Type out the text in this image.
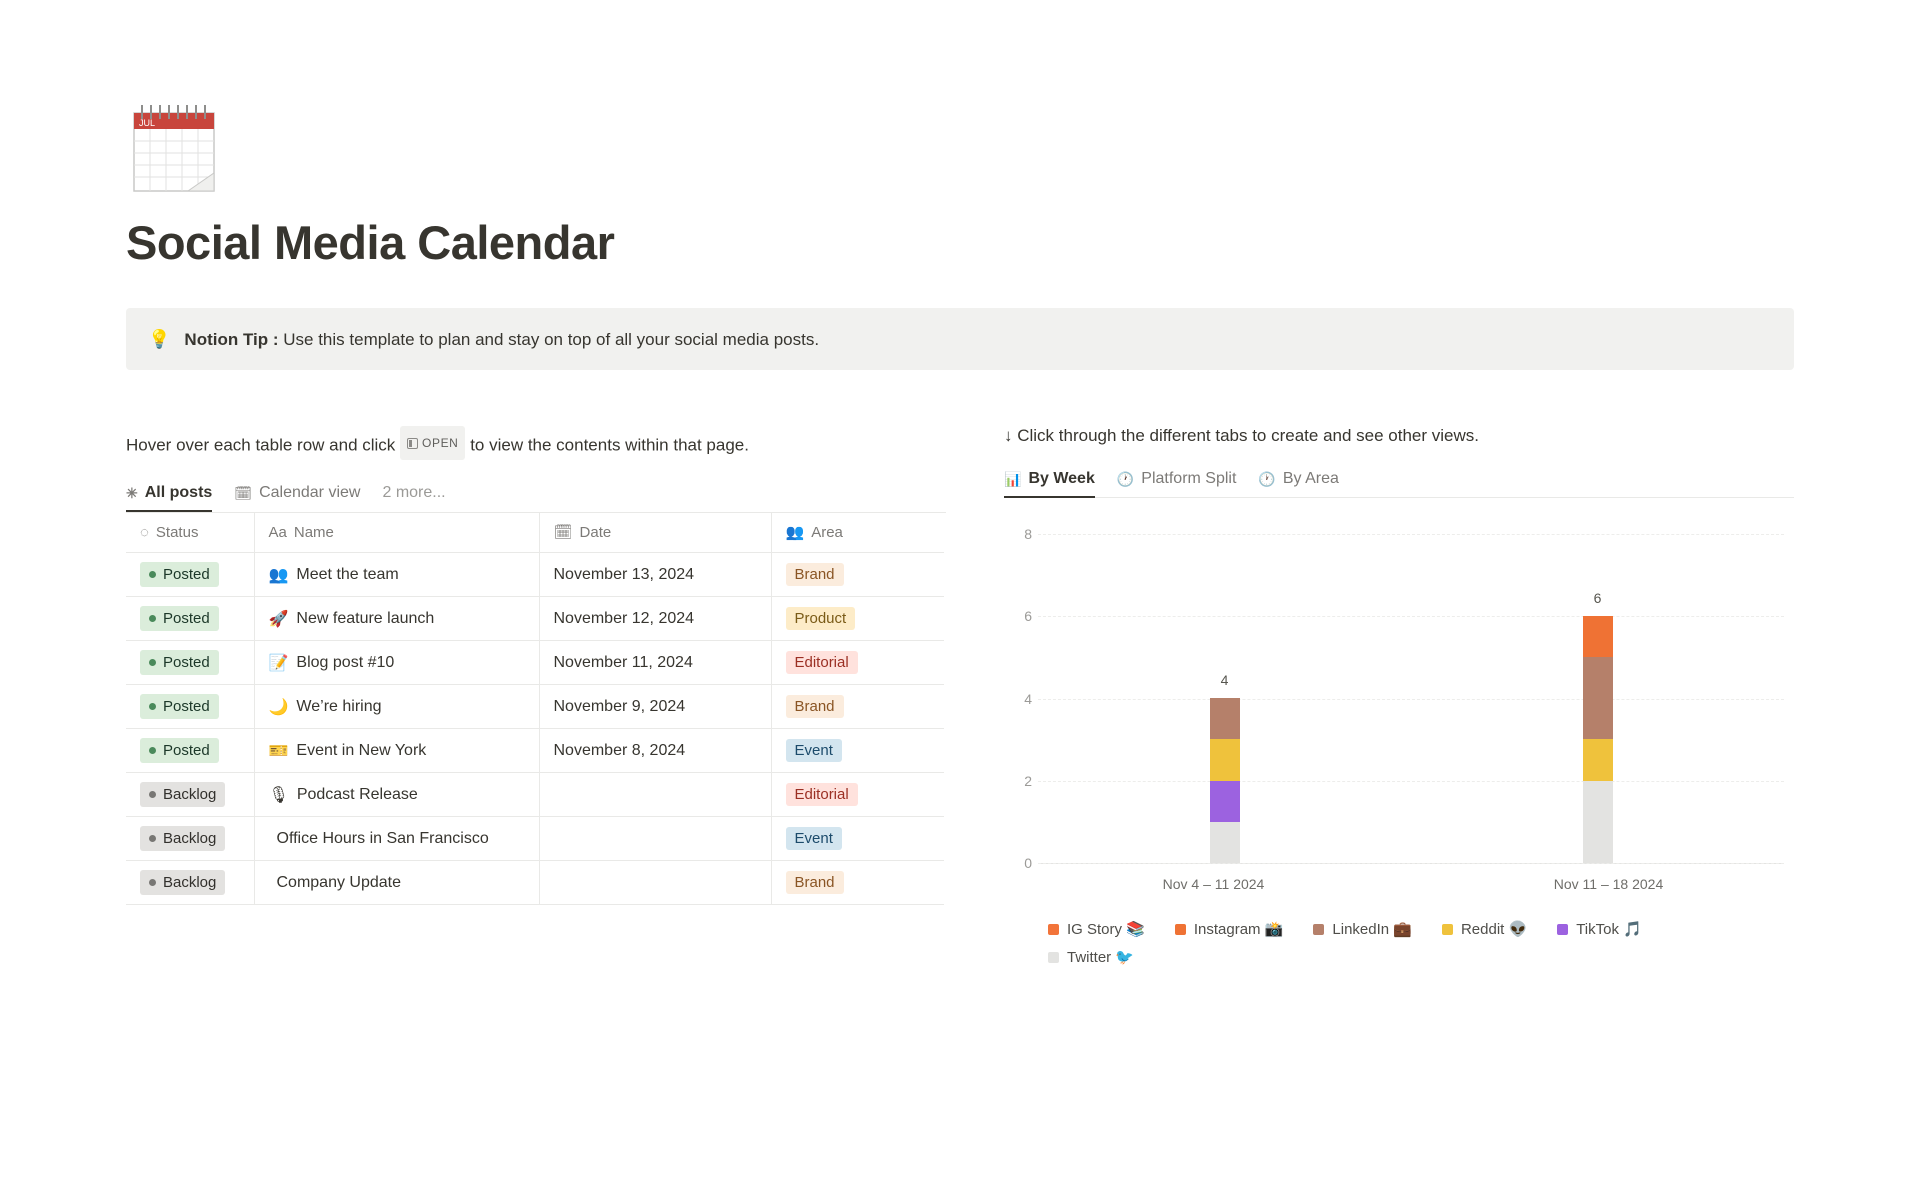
JUL
Social Media Calendar
💡 Notion Tip : Use this template to plan and stay on top of all your social media posts.
Hover over each table row and click OPEN to view the contents within that page.
✳ All posts 🗓 Calendar view 2 more...
◌ Status	Aa Name	🗓 Date	👥 Area

Posted	👥 Meet the team	November 13, 2024	Brand

Posted	🚀 New feature launch	November 12, 2024	Product

Posted	📝 Blog post #10	November 11, 2024	Editorial

Posted	🌙 We’re hiring	November 9, 2024	Brand

Posted	🎫 Event in New York	November 8, 2024	Event

Backlog	🎙 Podcast Release		Editorial

Backlog	Office Hours in San Francisco		Event

Backlog	Company Update		Brand
↓ Click through the different tabs to create and see other views.
📊 By Week 🕐 Platform Split 🕐 By Area
0
2
4
6
8
4
6
Nov 4 – 11 2024	Nov 11 – 18 2024
IG Story 📚	Instagram 📸	LinkedIn 💼	Reddit 👽	TikTok 🎵
Twitter 🐦
